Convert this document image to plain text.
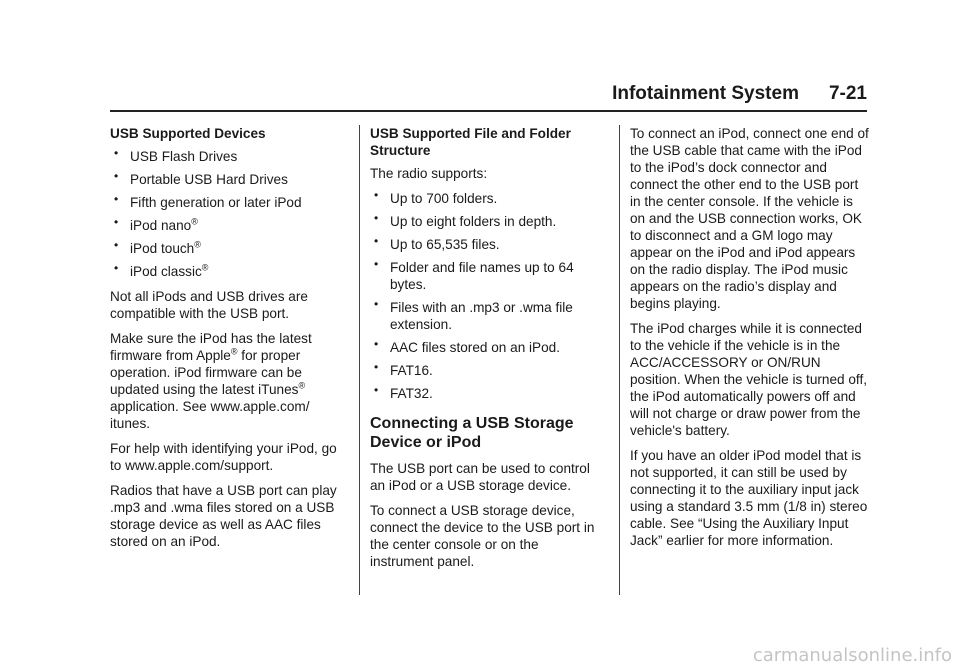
Infotainment System 7-21
USB Supported Devices
• USB Flash Drives
• Portable USB Hard Drives
• Fifth generation or later iPod
• iPod nano®
• iPod touch®
• iPod classic®

Not all iPods and USB drives are compatible with the USB port.

Make sure the iPod has the latest firmware from Apple® for proper operation. iPod firmware can be updated using the latest iTunes® application. See www.apple.com/ itunes.

For help with identifying your iPod, go to www.apple.com/support.

Radios that have a USB port can play .mp3 and .wma files stored on a USB storage device as well as AAC files stored on an iPod.

USB Supported File and Folder Structure

The radio supports:

• Up to 700 folders.
• Up to eight folders in depth.
• Up to 65,535 files.
• Folder and file names up to 64 bytes.
• Files with an .mp3 or .wma file extension.
• AAC files stored on an iPod.
• FAT16.
• FAT32.
Connecting a USB Storage Device or iPod

The USB port can be used to control an iPod or a USB storage device.

To connect a USB storage device, connect the device to the USB port in the center console or on the instrument panel.

To connect an iPod, connect one end of the USB cable that came with the iPod to the iPod’s dock connector and connect the other end to the USB port in the center console. If the vehicle is on and the USB connection works, OK to disconnect and a GM logo may appear on the iPod and iPod appears on the radio display. The iPod music appears on the radio’s display and begins playing.

The iPod charges while it is connected to the vehicle if the vehicle is in the ACC/ACCESSORY or ON/RUN position. When the vehicle is turned off, the iPod automatically powers off and will not charge or draw power from the vehicle's battery.

If you have an older iPod model that is not supported, it can still be used by connecting it to the auxiliary input jack using a standard 3.5 mm (1/8 in) stereo cable. See “Using the Auxiliary Input Jack” earlier for more information.

carmanualsonline.info
